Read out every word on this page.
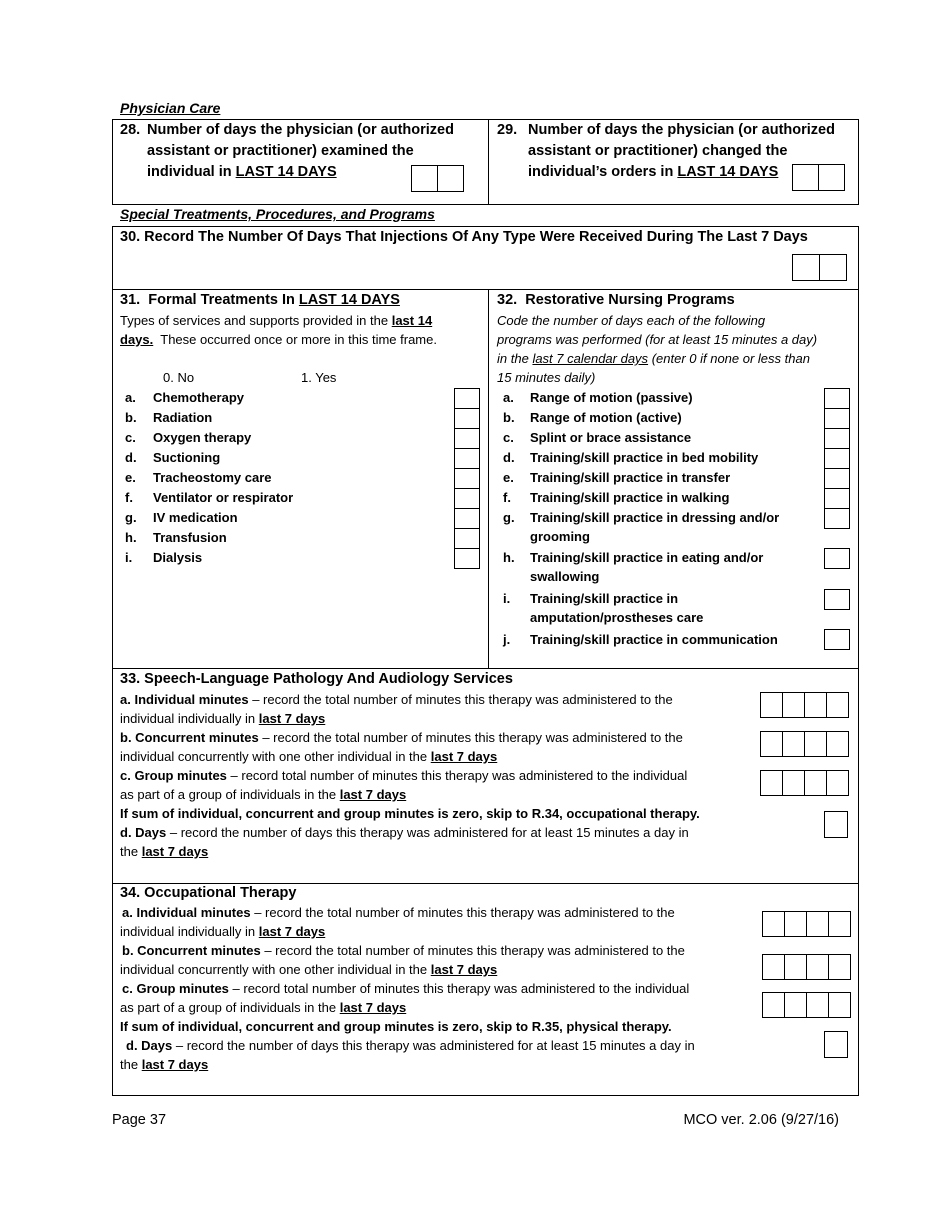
Physician Care
28. Number of days the physician (or authorized
assistant or practitioner) examined the
individual in LAST 14 DAYS
29. Number of days the physician (or authorized
assistant or practitioner) changed the
individual’s orders in LAST 14 DAYS
Special Treatments, Procedures, and Programs
30. Record The Number Of Days That Injections Of Any Type Were Received During The Last 7 Days
31. Formal Treatments In LAST 14 DAYS
Types of services and supports provided in the last 14
days. These occurred once or more in this time frame.
0. No	1. Yes
a. Chemotherapy
b. Radiation
c. Oxygen therapy
d. Suctioning
e. Tracheostomy care
f. Ventilator or respirator
g. IV medication
h. Transfusion
i. Dialysis
32. Restorative Nursing Programs
Code the number of days each of the following
programs was performed (for at least 15 minutes a day)
in the last 7 calendar days (enter 0 if none or less than
15 minutes daily)
a. Range of motion (passive)
b. Range of motion (active)
c. Splint or brace assistance
d. Training/skill practice in bed mobility
e. Training/skill practice in transfer
f. Training/skill practice in walking
g. Training/skill practice in dressing and/or
grooming
h. Training/skill practice in eating and/or
swallowing
i. Training/skill practice in
amputation/prostheses care
j. Training/skill practice in communication
33. Speech-Language Pathology And Audiology Services
a. Individual minutes – record the total number of minutes this therapy was administered to the
individual individually in last 7 days
b. Concurrent minutes – record the total number of minutes this therapy was administered to the
individual concurrently with one other individual in the last 7 days
c. Group minutes – record total number of minutes this therapy was administered to the individual
as part of a group of individuals in the last 7 days
If sum of individual, concurrent and group minutes is zero, skip to R.34, occupational therapy.
d. Days – record the number of days this therapy was administered for at least 15 minutes a day in
the last 7 days
34. Occupational Therapy
a. Individual minutes – record the total number of minutes this therapy was administered to the
individual individually in last 7 days
b. Concurrent minutes – record the total number of minutes this therapy was administered to the
individual concurrently with one other individual in the last 7 days
c. Group minutes – record total number of minutes this therapy was administered to the individual
as part of a group of individuals in the last 7 days
If sum of individual, concurrent and group minutes is zero, skip to R.35, physical therapy.
d. Days – record the number of days this therapy was administered for at least 15 minutes a day in
the last 7 days
Page 37	MCO ver. 2.06 (9/27/16)
